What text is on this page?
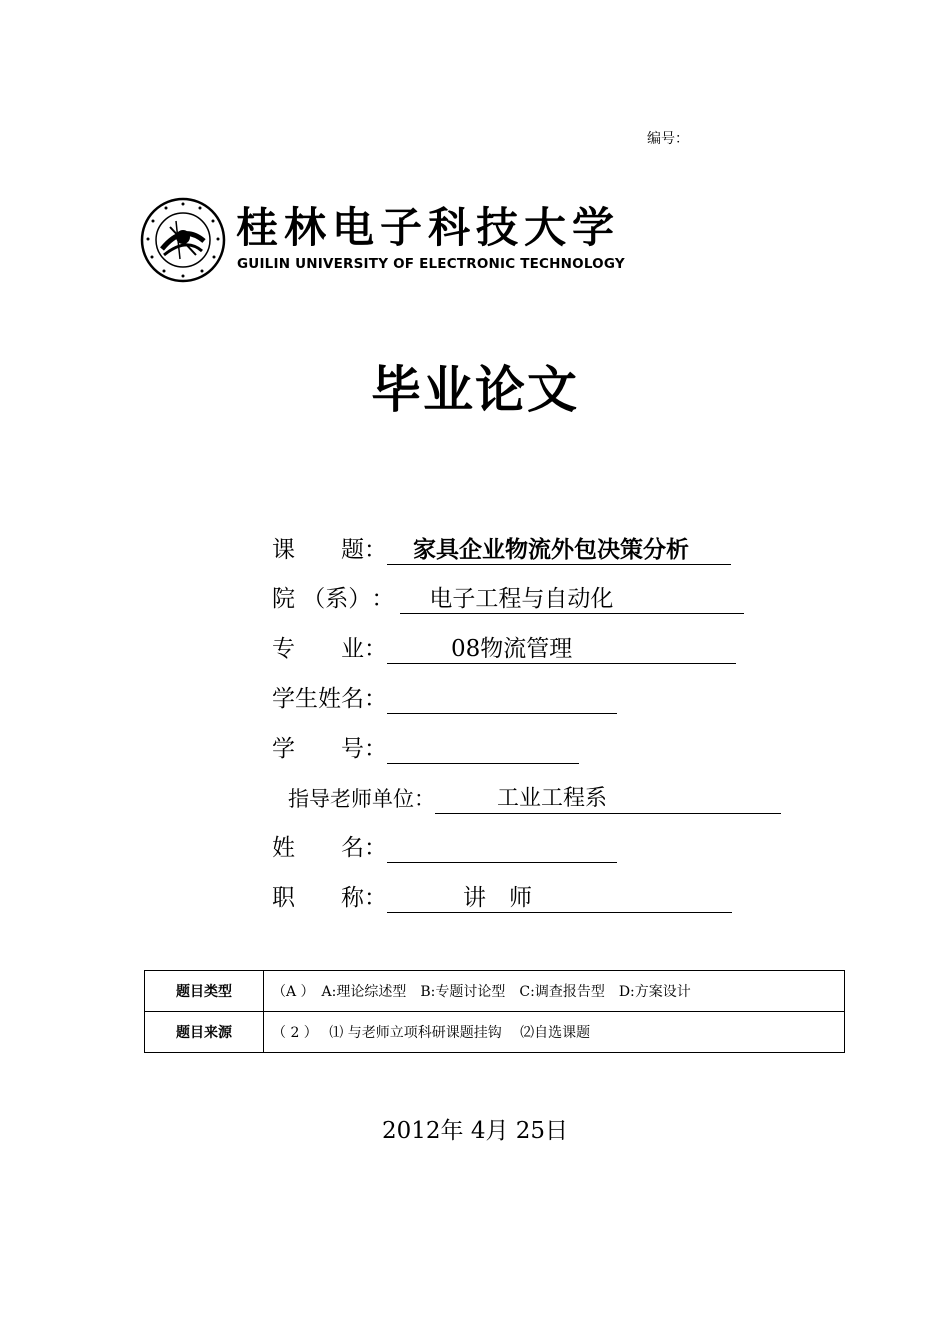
编号：
桂林电子科技大学
GUILIN UNIVERSITY OF ELECTRONIC TECHNOLOGY
毕业论文
课　　题 ：	家具企业物流外包决策分析
院 （系） ：	电子工程与自动化
专　　业 ：	08物流管理
学生姓名 ：
学　　号 ：
指导老师单位 ：	工业工程系
姓　　名 ：
职　　称 ：	讲　师
题目类型	（A ）　A:理论综述型　B:专题讨论型　C:调查报告型　D:方案设计
题目来源	（ 2 ）　 ⑴ 与老师立项科研课题挂钩　 ⑵自选课题
2012年 4月 25日
